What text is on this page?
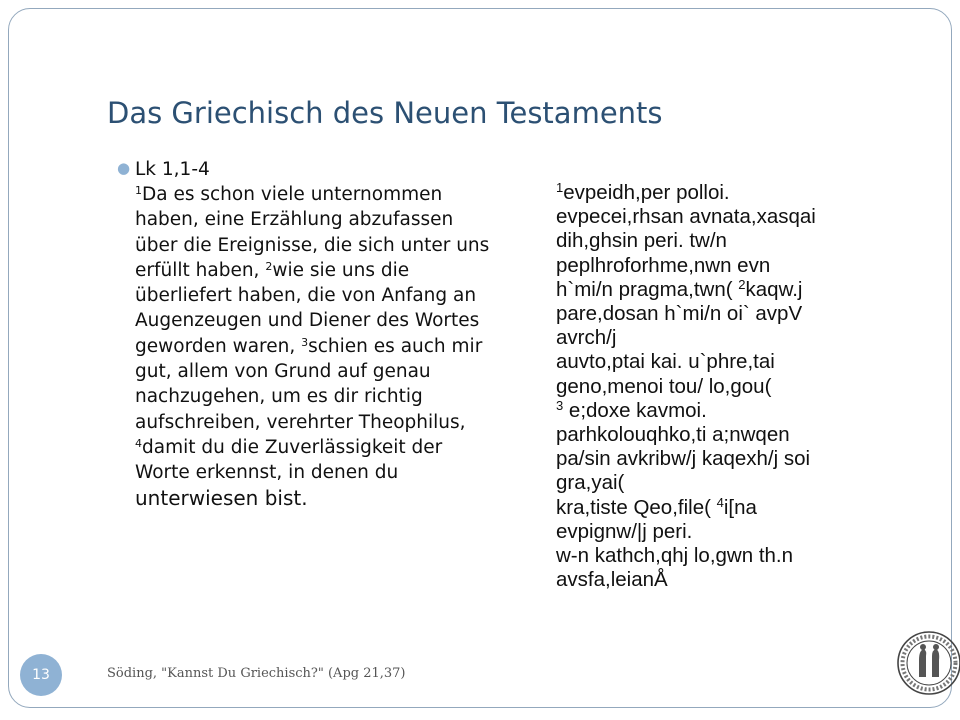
Das Griechisch des Neuen Testaments
● Lk 1,1-4
$^1$Da es schon viele unternommen haben, eine Erzählung abzufassen über die Ereignisse, die sich unter uns erfüllt haben, $^2$wie sie uns die überliefert haben, die von Anfang an Augenzeugen und Diener des Wortes geworden waren, $^3$schien es auch mir gut, allem von Grund auf genau nachzugehen, um es dir richtig aufschreiben, verehrter Theophilus, $^4$damit du die Zuverlässigkeit der Worte erkennst, in denen du unterwiesen bist.
$^1$evpeidh,per polloi.
evpecei,rhsan avnata,xasqai
dih,ghsin peri. tw/n
peplhroforhme,nwn evn
h`mi/n pragma,twn( $^2$kaqw.j
pare,dosan h`mi/n oi` avpV
avrch/j
auvto,ptai kai. u`phre,tai
geno,menoi tou/ lo,gou(
$^3$ e;doxe kavmoi.
parhkolouqhko,ti a;nwqen
pa/sin avkribw/j kaqexh/j soi
gra,yai(
kra,tiste Qeo,file( $^4$i[na
evpignw/|j peri.
w-n kathch,qhj lo,gwn th.n
avsfa,leianÅ
13	Söding, "Kannst Du Griechisch?" (Apg 21,37)
